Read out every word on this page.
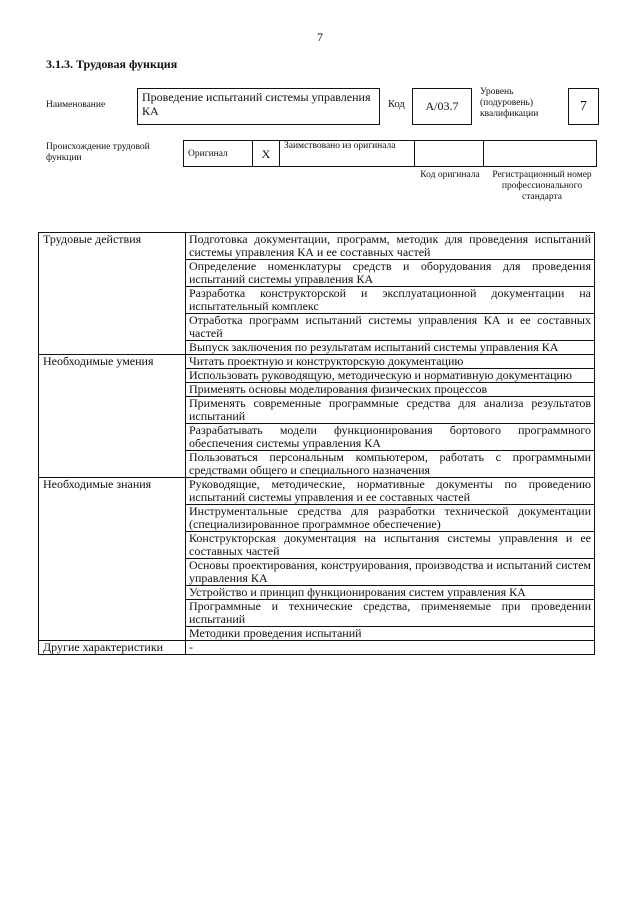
7
3.1.3. Трудовая функция
Наименование
Проведение испытаний системы управления КА	Код	А/03.7
Уровень (подуровень) квалификации
7
Происхождение трудовой функции	Оригинал	Х	Заимствовано из оригинала		
Код оригинала	Регистрационный номер профессионального стандарта
Трудовые действия	Подготовка документации, программ, методик для проведения испытаний системы управления КА и ее составных частей
	Определение номенклатуры средств и оборудования для проведения испытаний системы управления КА
	Разработка конструкторской и эксплуатационной документации на испытательный комплекс
	Отработка программ испытаний системы управления КА и ее составных частей
	Выпуск заключения по результатам испытаний системы управления КА
Необходимые умения	Читать проектную и конструкторскую документацию
	Использовать руководящую, методическую и нормативную документацию
	Применять основы моделирования физических процессов
	Применять современные программные средства для анализа результатов испытаний
	Разрабатывать модели функционирования бортового программного обеспечения системы управления КА
	Пользоваться персональным компьютером, работать с программными средствами общего и специального назначения
Необходимые знания	Руководящие, методические, нормативные документы по проведению испытаний системы управления и ее составных частей
	Инструментальные средства для разработки технической документации (специализированное программное обеспечение)
	Конструкторская документация на испытания системы управления и ее составных частей
	Основы проектирования, конструирования, производства и испытаний систем управления КА
	Устройство и принцип функционирования систем управления КА
	Программные и технические средства, применяемые при проведении испытаний
	Методики проведения испытаний
Другие характеристики	-
